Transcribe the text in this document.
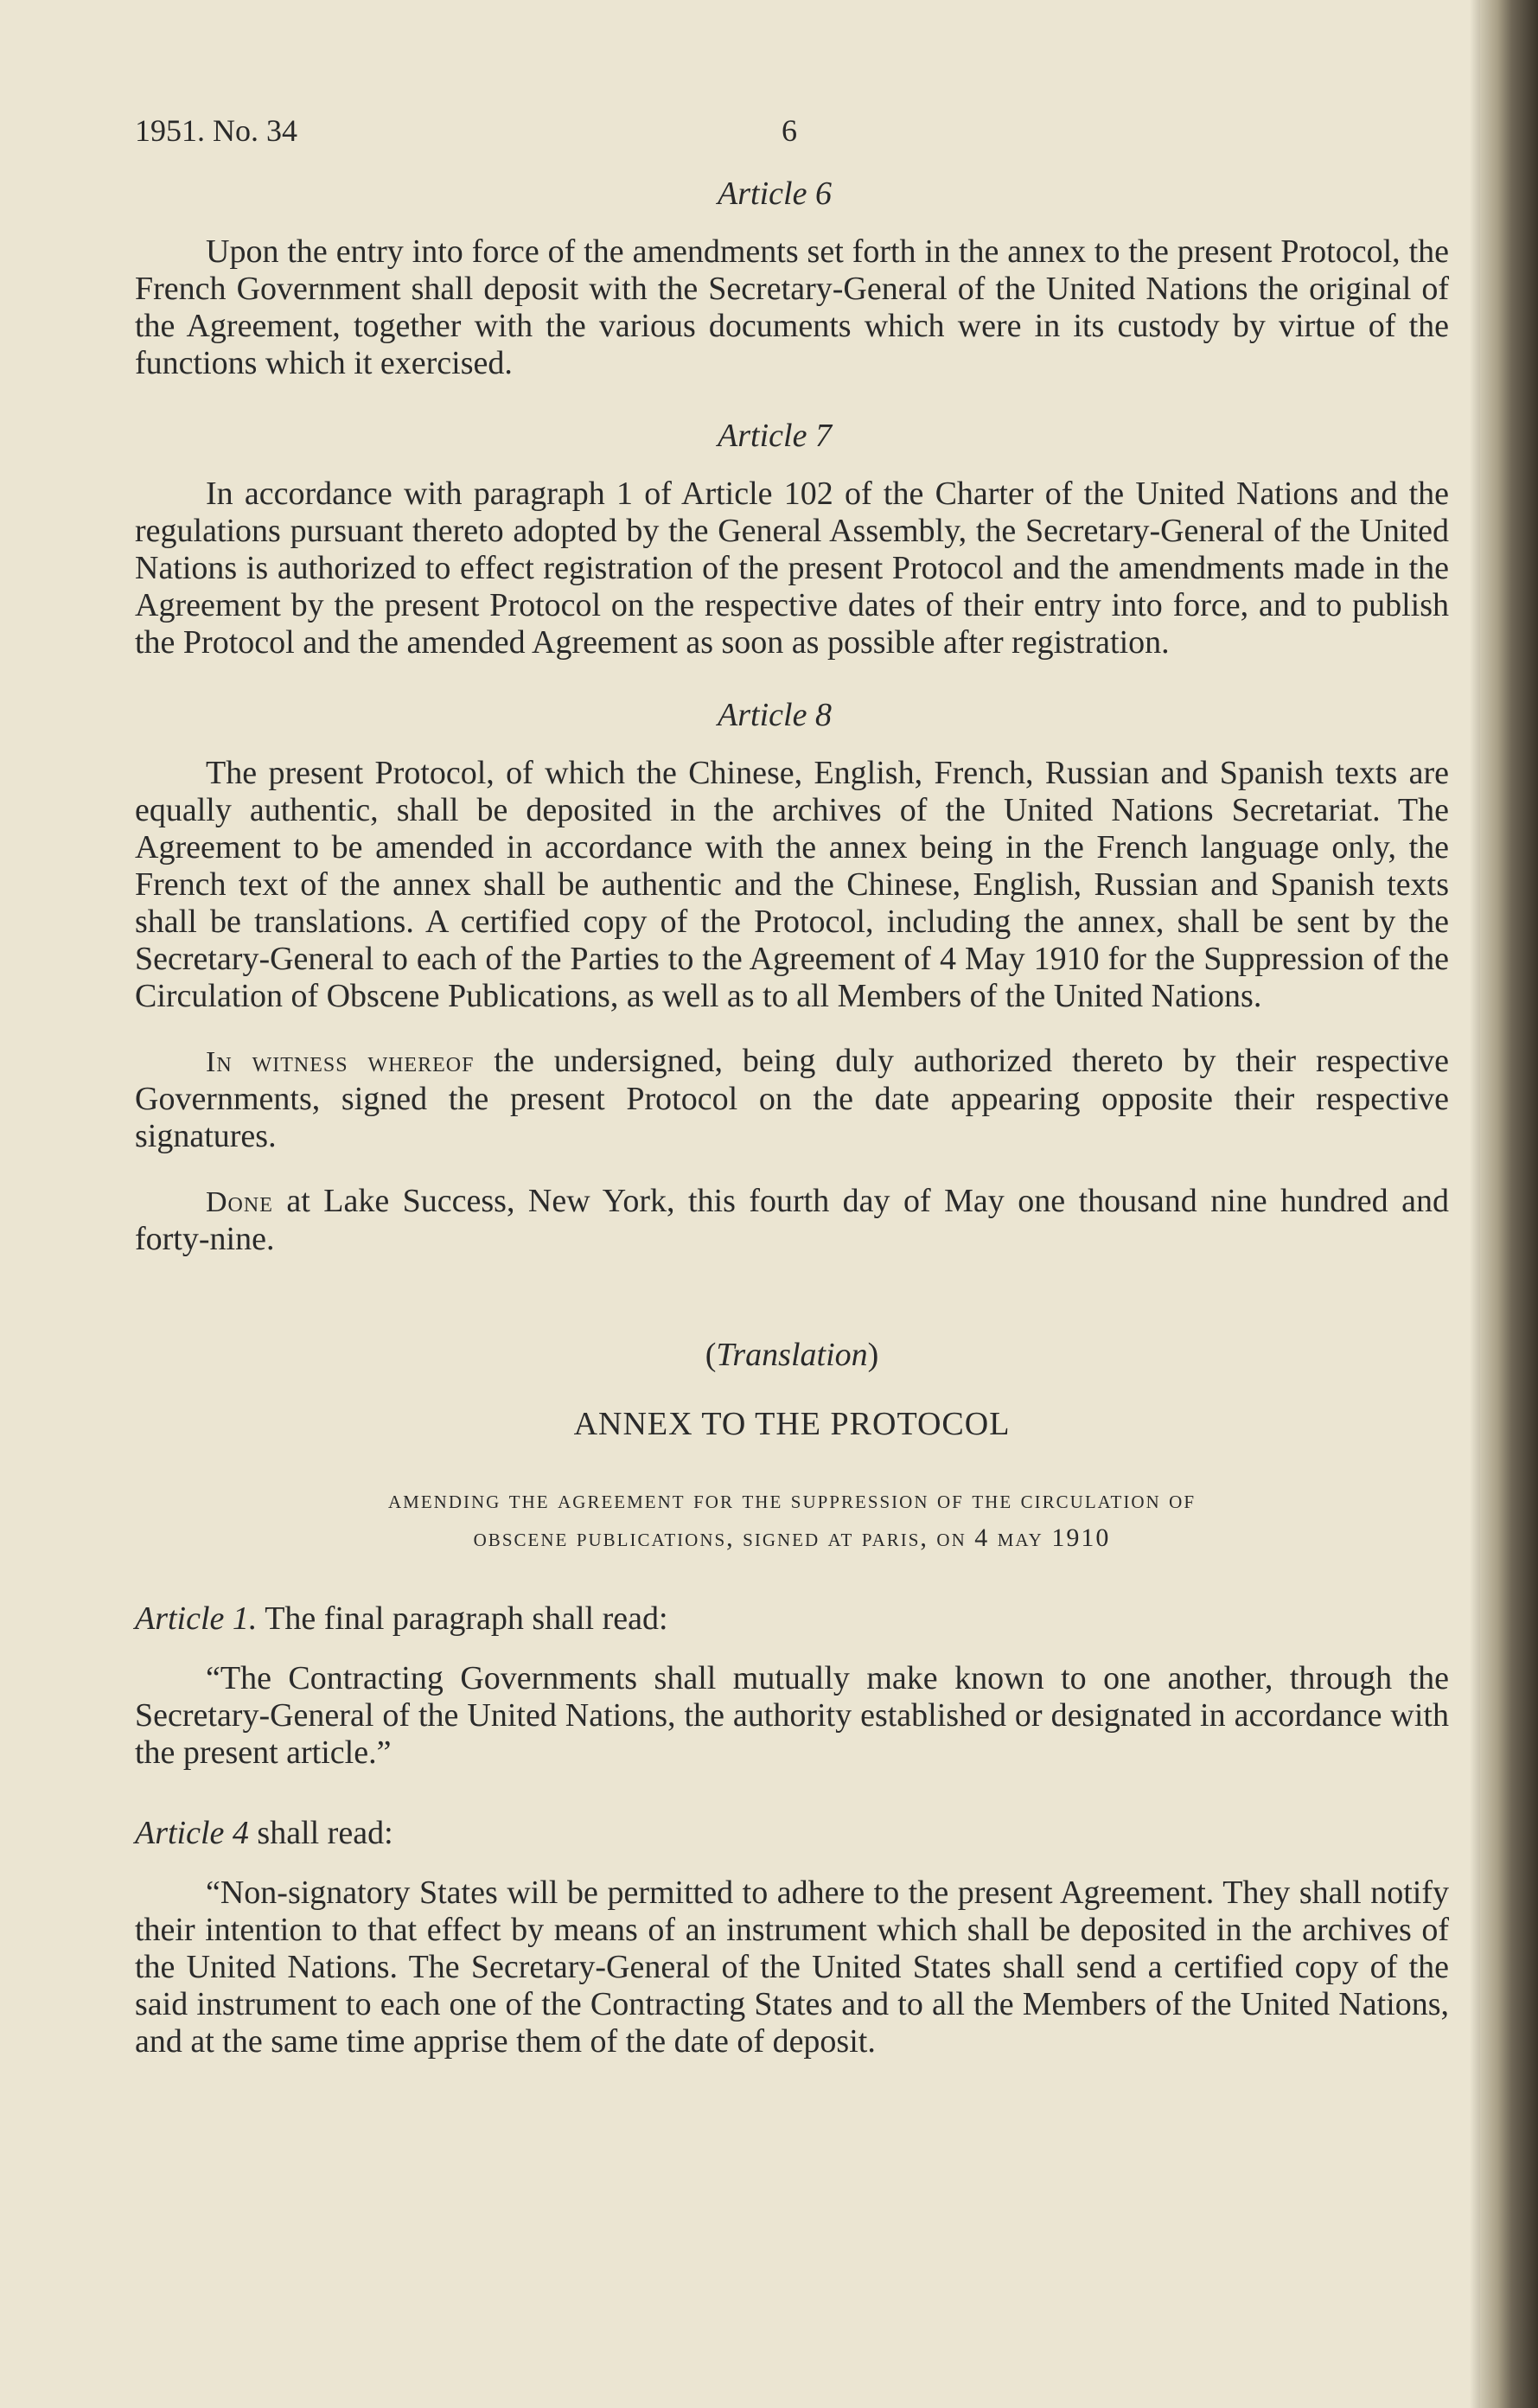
1951. No. 34	6
Article 6

Upon the entry into force of the amendments set forth in the annex to the present Protocol, the French Government shall deposit with the Secretary-General of the United Nations the original of the Agreement, together with the various documents which were in its custody by virtue of the functions which it exercised.

Article 7

In accordance with paragraph 1 of Article 102 of the Charter of the United Nations and the regulations pursuant thereto adopted by the General Assembly, the Secretary-General of the United Nations is authorized to effect registration of the present Protocol and the amendments made in the Agreement by the present Protocol on the respective dates of their entry into force, and to publish the Protocol and the amended Agreement as soon as possible after registration.

Article 8

The present Protocol, of which the Chinese, English, French, Russian and Spanish texts are equally authentic, shall be deposited in the archives of the United Nations Secretariat. The Agreement to be amended in accordance with the annex being in the French language only, the French text of the annex shall be authentic and the Chinese, English, Russian and Spanish texts shall be translations. A certified copy of the Protocol, including the annex, shall be sent by the Secretary-General to each of the Parties to the Agreement of 4 May 1910 for the Suppression of the Circulation of Obscene Publications, as well as to all Members of the United Nations.

In witness whereof the undersigned, being duly authorized thereto by their respective Governments, signed the present Protocol on the date appearing opposite their respective signatures.

Done at Lake Success, New York, this fourth day of May one thousand nine hundred and forty-nine.

(Translation)
ANNEX TO THE PROTOCOL
amending the agreement for the suppression of the circulation of
obscene publications, signed at paris, on 4 may 1910
Article 1. The final paragraph shall read:

“The Contracting Governments shall mutually make known to one another, through the Secretary-General of the United Nations, the authority established or designated in accordance with the present article.”

Article 4 shall read:

“Non-signatory States will be permitted to adhere to the present Agreement. They shall notify their intention to that effect by means of an instrument which shall be deposited in the archives of the United Nations. The Secretary-General of the United States shall send a certified copy of the said instrument to each one of the Contracting States and to all the Members of the United Nations, and at the same time apprise them of the date of deposit.
